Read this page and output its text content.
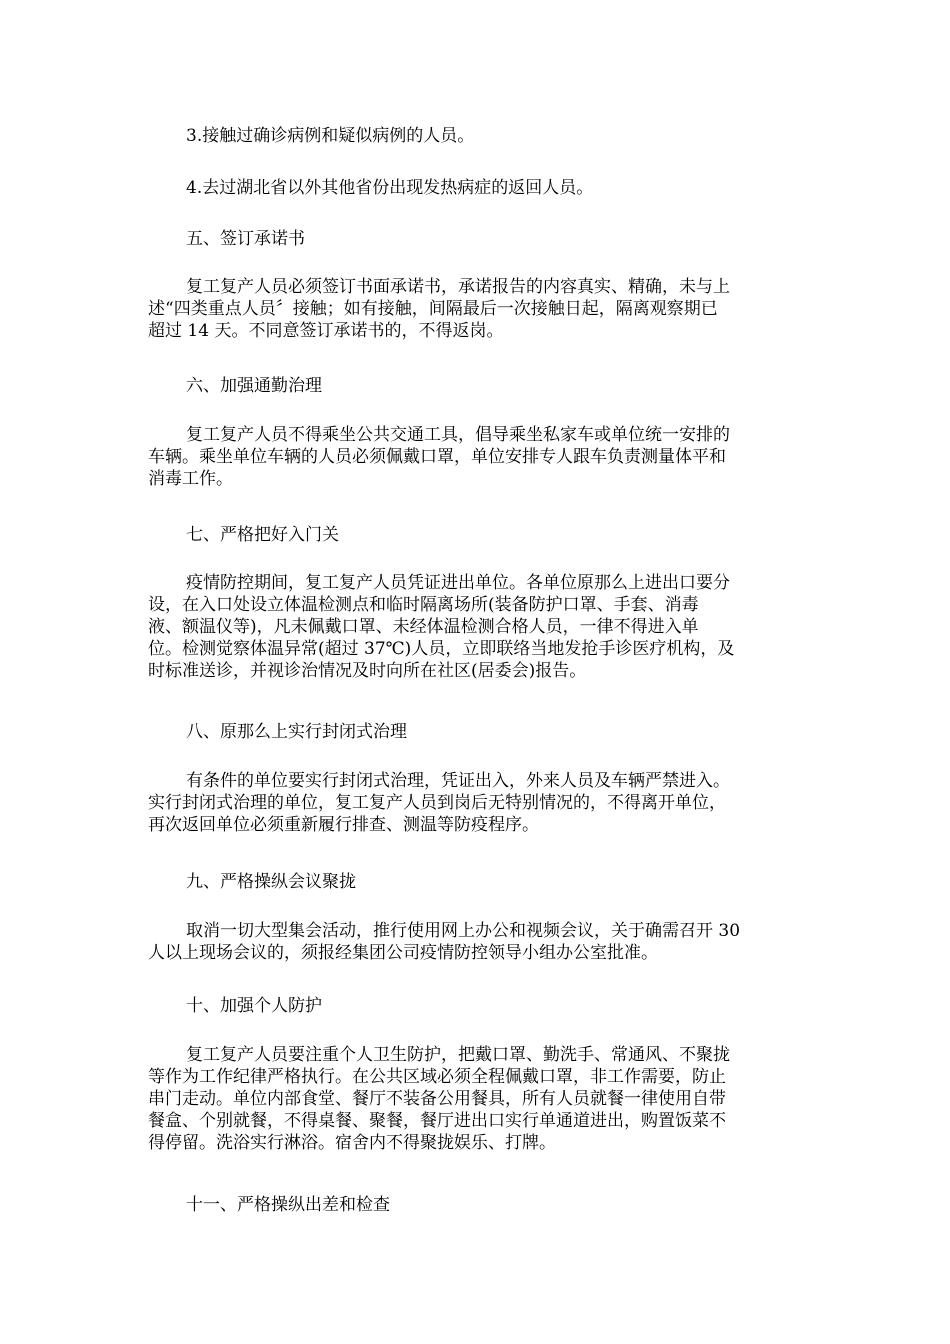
3.接触过确诊病例和疑似病例的人员。
4.去过湖北省以外其他省份出现发热病症的返回人员。
五、签订承诺书
复工复产人员必须签订书面承诺书，承诺报告的内容真实、精确，未与上
述“四类重点人员〞接触；如有接触，间隔最后一次接触日起，隔离观察期已
超过 14 天。不同意签订承诺书的，不得返岗。
六、加强通勤治理
复工复产人员不得乘坐公共交通工具，倡导乘坐私家车或单位统一安排的
车辆。乘坐单位车辆的人员必须佩戴口罩，单位安排专人跟车负责测量体平和
消毒工作。
七、严格把好入门关
疫情防控期间，复工复产人员凭证进出单位。各单位原那么上进出口要分
设，在入口处设立体温检测点和临时隔离场所(装备防护口罩、手套、消毒
液、额温仪等)，凡未佩戴口罩、未经体温检测合格人员，一律不得进入单
位。检测觉察体温异常(超过 37℃)人员，立即联络当地发抢手诊医疗机构，及
时标准送诊，并视诊治情况及时向所在社区(居委会)报告。
八、原那么上实行封闭式治理
有条件的单位要实行封闭式治理，凭证出入，外来人员及车辆严禁进入。
实行封闭式治理的单位，复工复产人员到岗后无特别情况的，不得离开单位，
再次返回单位必须重新履行排查、测温等防疫程序。
九、严格操纵会议聚拢
取消一切大型集会活动，推行使用网上办公和视频会议，关于确需召开 30
人以上现场会议的，须报经集团公司疫情防控领导小组办公室批准。
十、加强个人防护
复工复产人员要注重个人卫生防护，把戴口罩、勤洗手、常通风、不聚拢
等作为工作纪律严格执行。在公共区域必须全程佩戴口罩，非工作需要，防止
串门走动。单位内部食堂、餐厅不装备公用餐具，所有人员就餐一律使用自带
餐盒、个别就餐，不得桌餐、聚餐，餐厅进出口实行单通道进出，购置饭菜不
得停留。洗浴实行淋浴。宿舍内不得聚拢娱乐、打牌。
十一、严格操纵出差和检查
